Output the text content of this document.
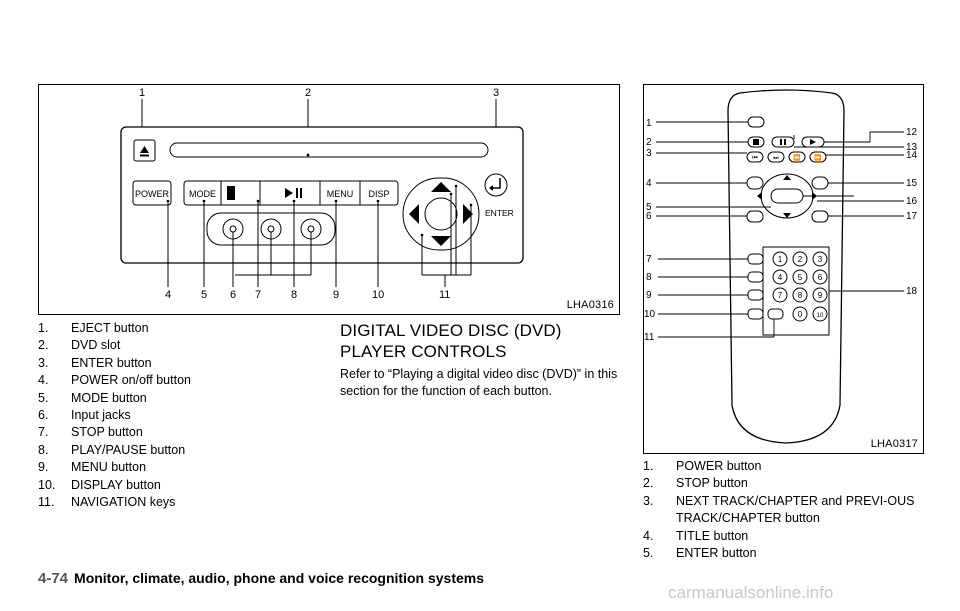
1	2	3
POWER MODE	MENU DISP
ENTER
4	5 6 7	8	9	10	11
LHA0316
1. EJECT button
2. DVD slot
3. ENTER button
4. POWER on/off button
5. MODE button
6. Input jacks
7. STOP button
8. PLAY/PAUSE button
9. MENU button
10. DISPLAY button
11. NAVIGATION keys
DIGITAL VIDEO DISC (DVD) PLAYER CONTROLS

Refer to “Playing a digital video disc (DVD)” in this section for the function of each button.

⏮	⏭ ⏪ ⏩
1 2 3
4 5 6
7 8 9
0 10
1
2
3
4
5
6
7
8
9
10
11
12
13
14
15
16
17
18
LHA0317
1. POWER button
2. STOP button
3. NEXT TRACK/CHAPTER and PREVI-OUS TRACK/CHAPTER button
4. TITLE button
5. ENTER button
4-74 Monitor, climate, audio, phone and voice recognition systems
carmanualsonline.info
